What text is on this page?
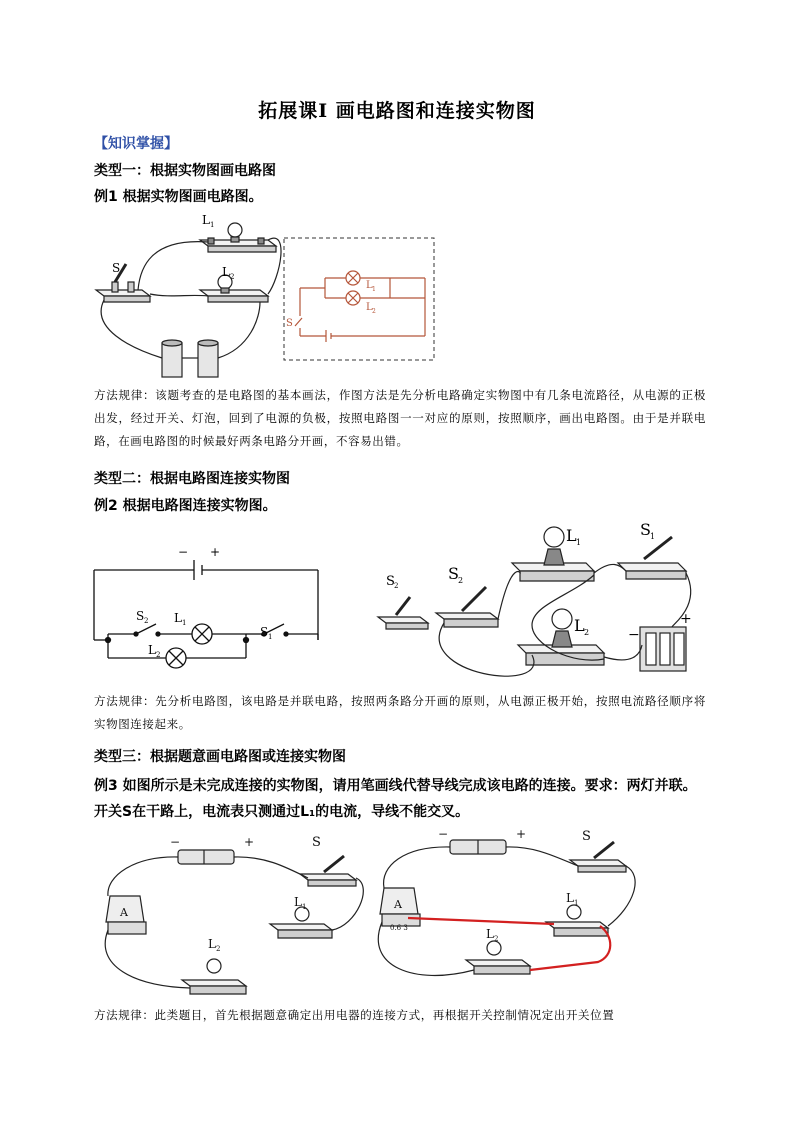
拓展课Ⅰ 画电路图和连接实物图
【知识掌握】
类型一：根据实物图画电路图
例1 根据实物图画电路图。
L 1
L 2
S
L 1
L 2
S
方法规律：该题考查的是电路图的基本画法，作图方法是先分析电路确定实物图中有几条电流路径，从电源的正极出发，经过开关、灯泡，回到了电源的负极，按照电路图一一对应的原则，按照顺序，画出电路图。由于是并联电路，在画电路图的时候最好两条电路分开画，不容易出错。
类型二：根据电路图连接实物图
例2 根据电路图连接实物图。
− +
S 2 L 1
S 1
L 2
L 1
S 1
S 2
S 2
L 2	−
+
方法规律：先分析电路图，该电路是并联电路，按照两条路分开画的原则，从电源正极开始，按照电流路径顺序将实物图连接起来。
类型三：根据题意画电路图或连接实物图
例3 如图所示是未完成连接的实物图，请用笔画线代替导线完成该电路的连接。要求：两灯并联。
开关S在干路上，电流表只测通过L₁的电流，导线不能交叉。
−	+	S
A
L 1
L 2
−	+	S
A
0.6 3
L 1
L 2
方法规律：此类题目，首先根据题意确定出用电器的连接方式，再根据开关控制情况定出开关位置
